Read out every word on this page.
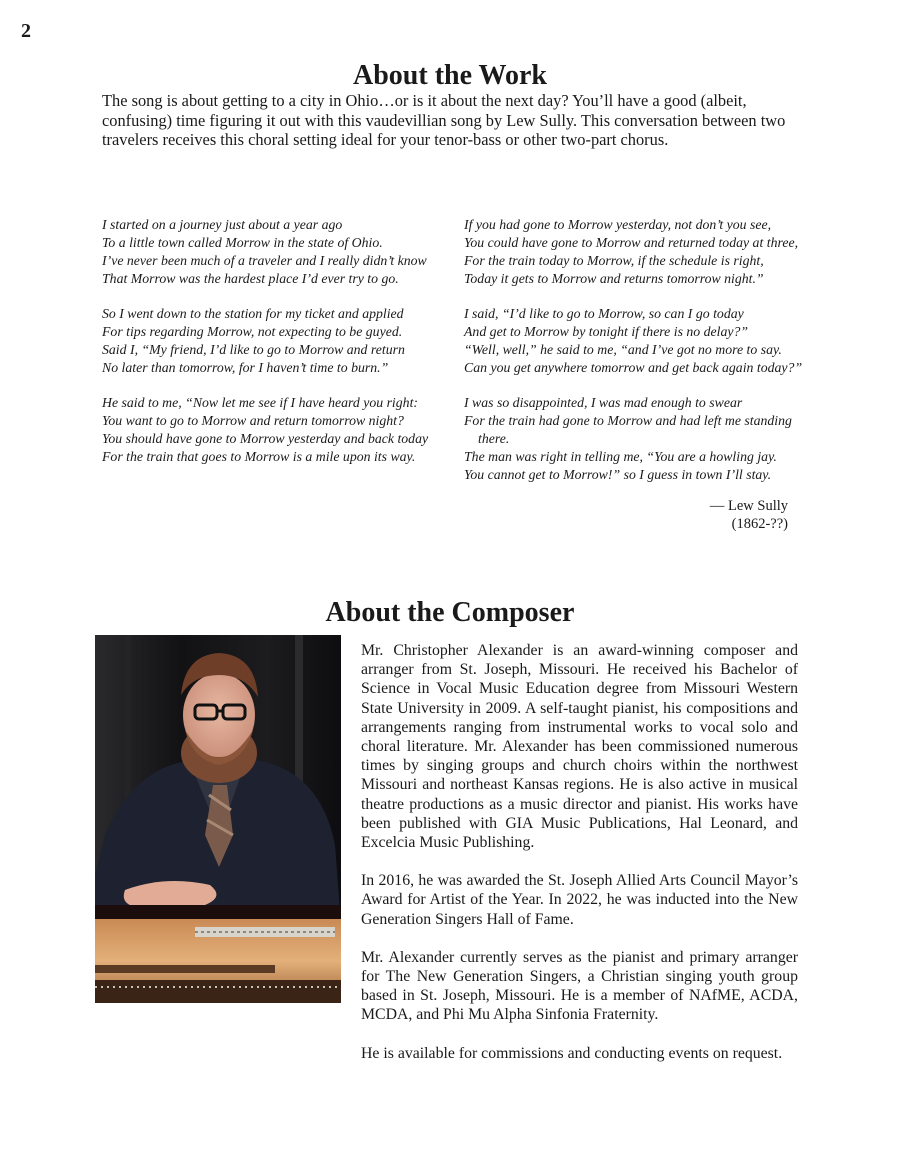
2

About the Work

The song is about getting to a city in Ohio…or is it about the next day? You’ll have a good (albeit, confusing) time figuring it out with this vaudevillian song by Lew Sully. This conversation between two travelers receives this choral setting ideal for your tenor-bass or other two-part chorus.

I started on a journey just about a year ago
To a little town called Morrow in the state of Ohio.
I’ve never been much of a traveler and I really didn’t know
That Morrow was the hardest place I’d ever try to go.
So I went down to the station for my ticket and applied
For tips regarding Morrow, not expecting to be guyed.
Said I, “My friend, I’d like to go to Morrow and return
No later than tomorrow, for I haven’t time to burn.”
He said to me, “Now let me see if I have heard you right:
You want to go to Morrow and return tomorrow night?
You should have gone to Morrow yesterday and back today
For the train that goes to Morrow is a mile upon its way.
If you had gone to Morrow yesterday, not don’t you see,
You could have gone to Morrow and returned today at three,
For the train today to Morrow, if the schedule is right,
Today it gets to Morrow and returns tomorrow night.”
I said, “I’d like to go to Morrow, so can I go today
And get to Morrow by tonight if there is no delay?”
“Well, well,” he said to me, “and I’ve got no more to say.
Can you get anywhere tomorrow and get back again today?”
I was so disappointed, I was mad enough to swear
For the train had gone to Morrow and had left me standing
there.
The man was right in telling me, “You are a howling jay.
You cannot get to Morrow!” so I guess in town I’ll stay.
— Lew Sully
(1862-??)
About the Composer

Mr. Christopher Alexander is an award-winning composer and arranger from St. Joseph, Missouri. He received his Bachelor of Science in Vocal Music Education degree from Missouri Western State University in 2009. A self-taught pianist, his compositions and arrangements ranging from instrumental works to vocal solo and choral literature. Mr. Alexander has been commissioned numerous times by singing groups and church choirs within the northwest Missouri and northeast Kansas regions. He is also active in musical theatre productions as a music director and pianist. His works have been published with GIA Music Publications, Hal Leonard, and Excelcia Music Publishing.

In 2016, he was awarded the St. Joseph Allied Arts Council Mayor’s Award for Artist of the Year. In 2022, he was inducted into the New Generation Singers Hall of Fame.

Mr. Alexander currently serves as the pianist and primary arranger for The New Generation Singers, a Christian singing youth group based in St. Joseph, Missouri. He is a member of NAfME, ACDA, MCDA, and Phi Mu Alpha Sinfonia Fraternity.

He is available for commissions and conducting events on request.
